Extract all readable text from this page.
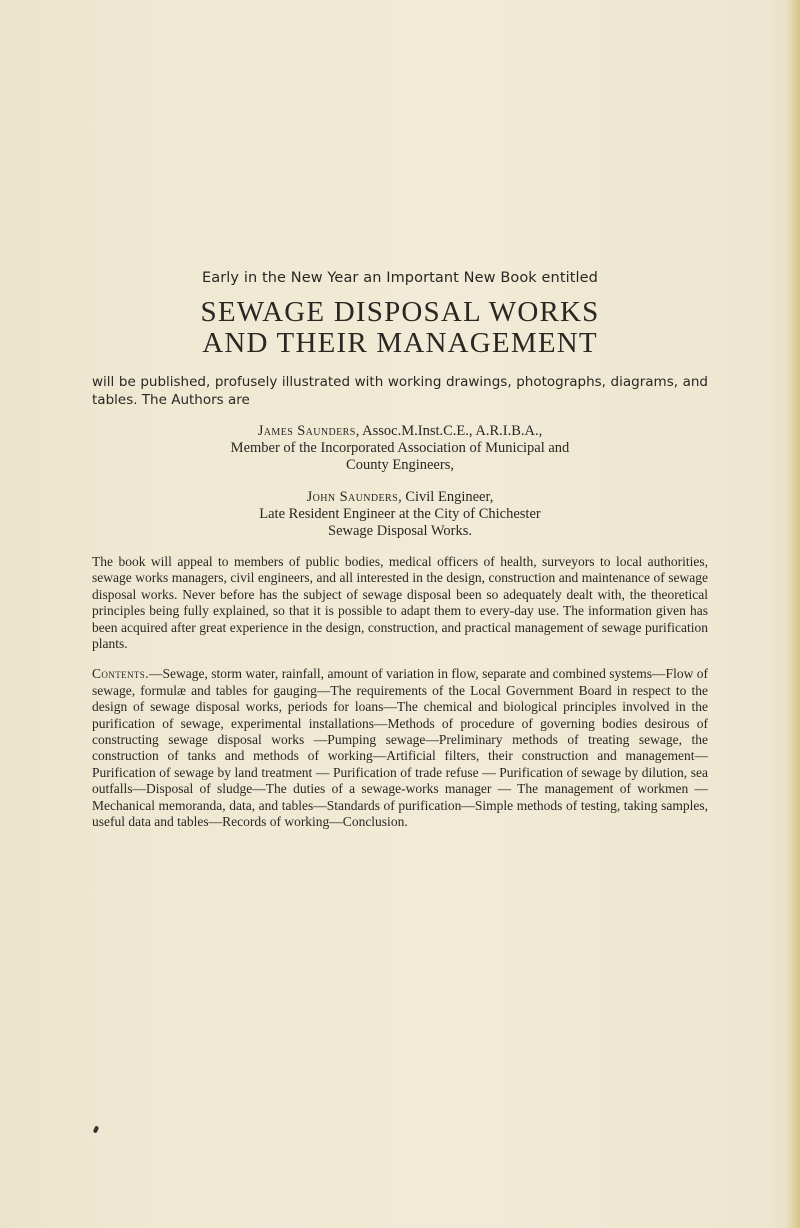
Early in the New Year an Important New Book entitled

SEWAGE DISPOSAL WORKS
AND THEIR MANAGEMENT

will be published, profusely illustrated with working drawings, photographs, diagrams, and tables. The Authors are

James Saunders, Assoc.M.Inst.C.E., A.R.I.B.A.,
Member of the Incorporated Association of Municipal and
County Engineers,
John Saunders, Civil Engineer,
Late Resident Engineer at the City of Chichester
Sewage Disposal Works.

The book will appeal to members of public bodies, medical officers of health, surveyors to local authorities, sewage works managers, civil engineers, and all interested in the design, construction and maintenance of sewage disposal works. Never before has the subject of sewage disposal been so adequately dealt with, the theoretical principles being fully explained, so that it is possible to adapt them to every-day use. The information given has been acquired after great experience in the design, construction, and practical management of sewage purification plants.

Contents.—Sewage, storm water, rainfall, amount of variation in flow, separate and combined systems—Flow of sewage, formulæ and tables for gauging—The requirements of the Local Government Board in respect to the design of sewage disposal works, periods for loans—The chemical and biological principles involved in the purification of sewage, experimental installations—Methods of procedure of governing bodies desirous of constructing sewage disposal works —Pumping sewage—Preliminary methods of treating sewage, the construction of tanks and methods of working—Artificial filters, their construction and management—Purification of sewage by land treatment — Purification of trade refuse — Purification of sewage by dilution, sea outfalls—Disposal of sludge—The duties of a sewage-works manager — The management of workmen — Mechanical memoranda, data, and tables—Standards of purification—Simple methods of testing, taking samples, useful data and tables—Records of working—Conclusion.
